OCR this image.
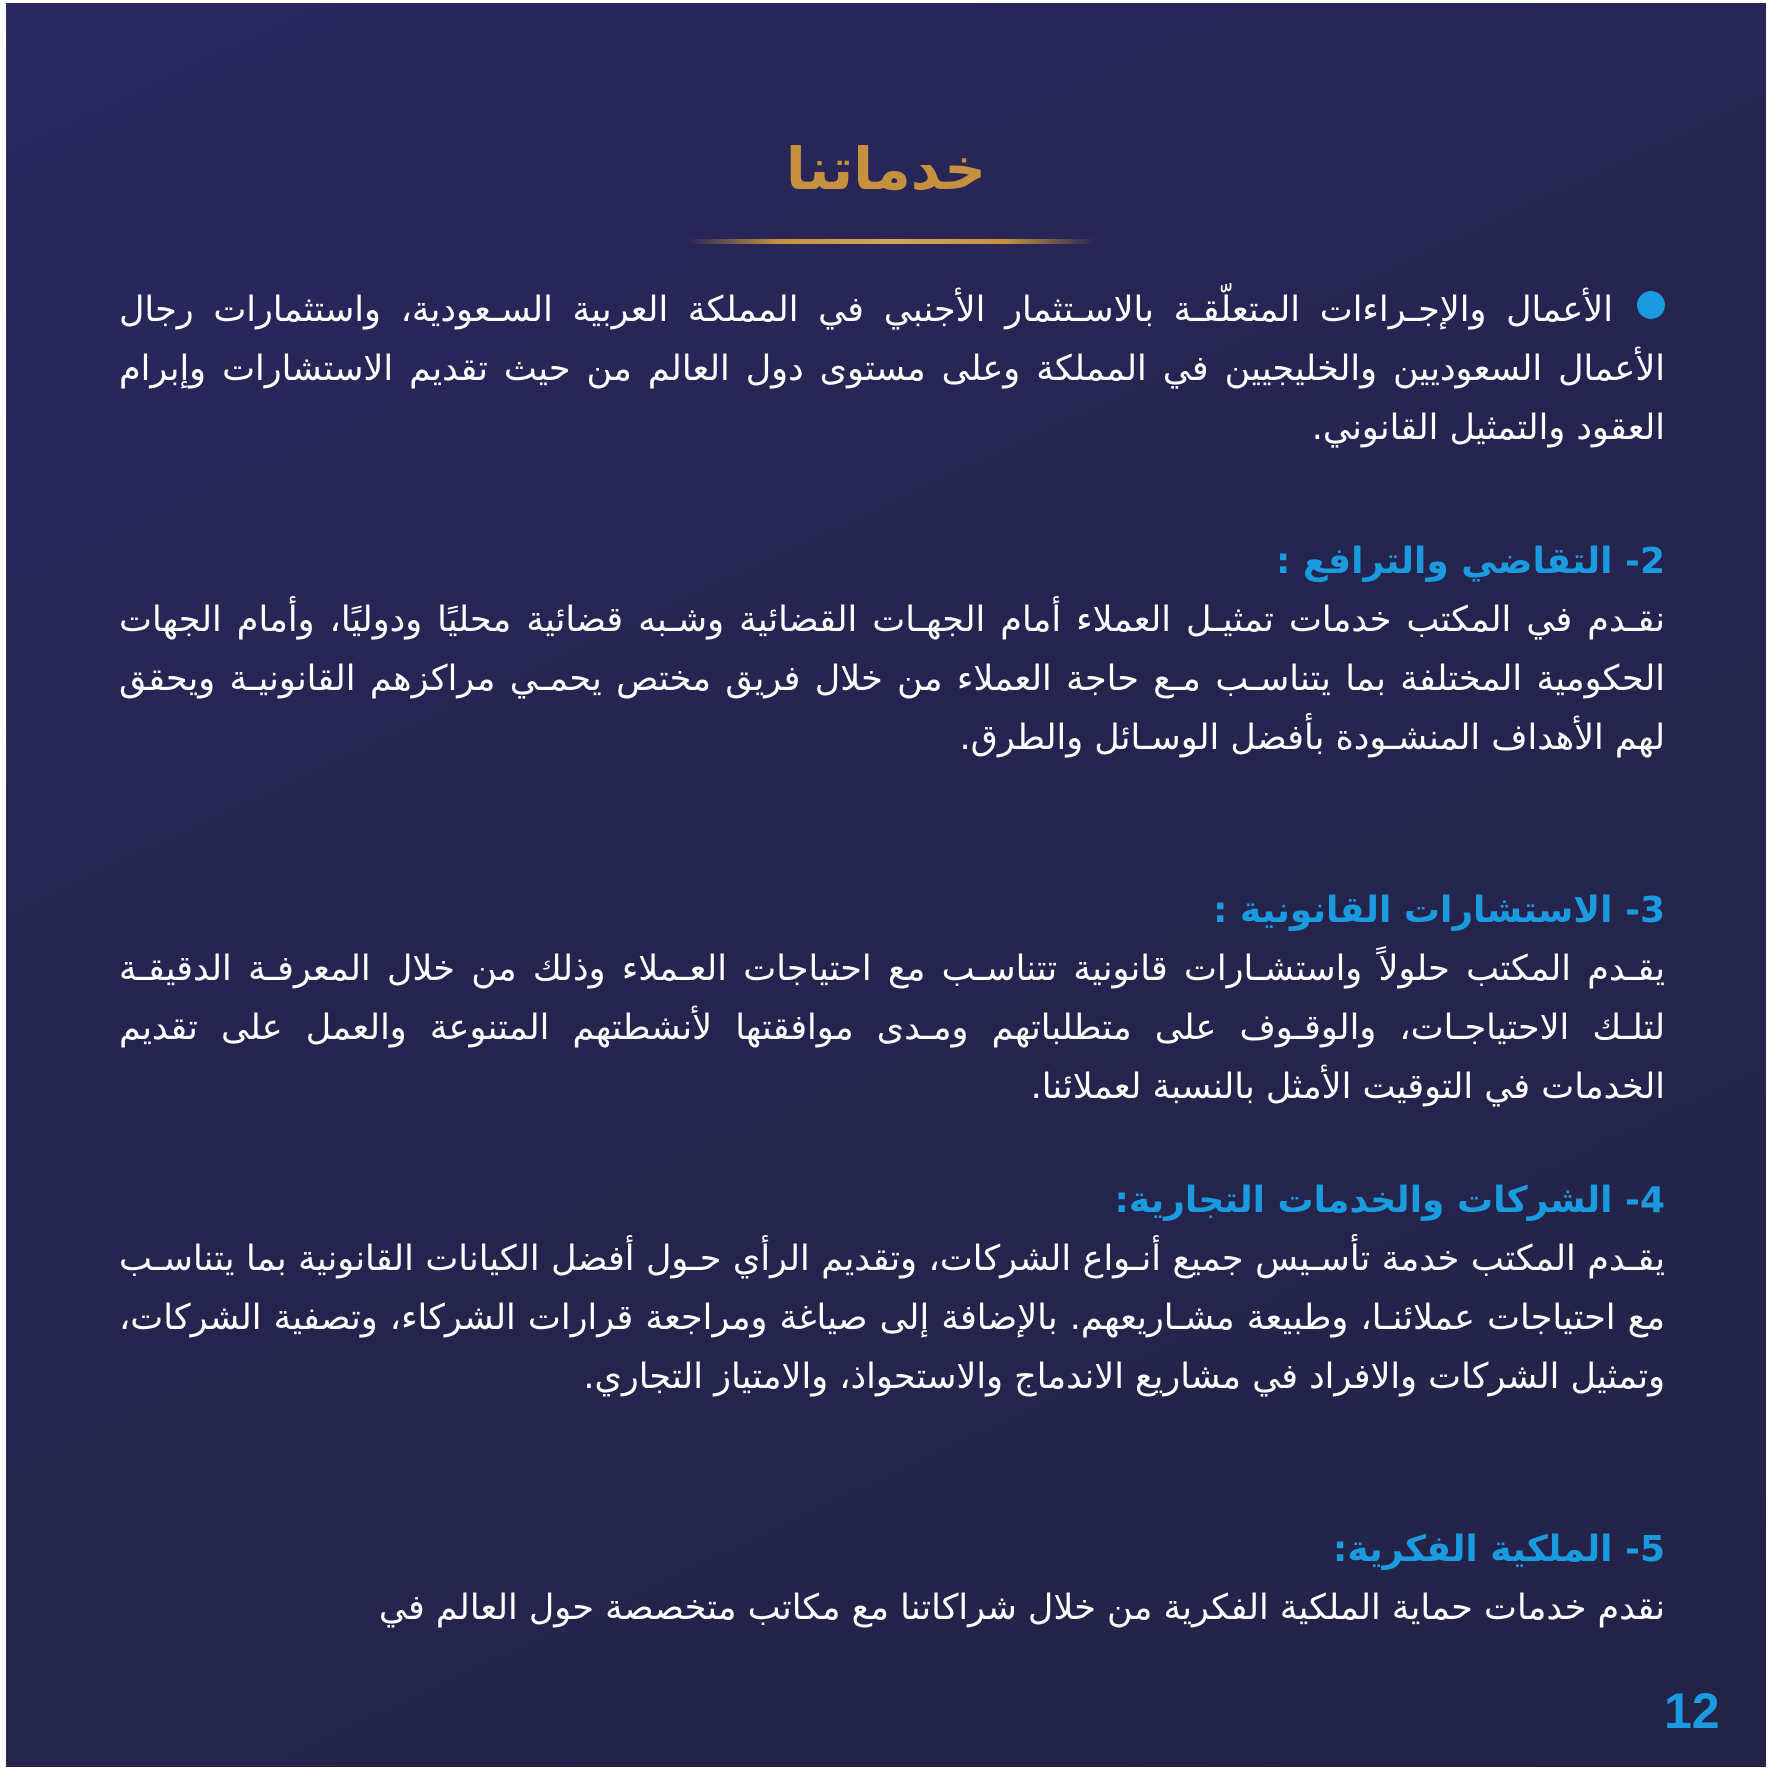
خدماتنا

الأعمال والإجـراءات المتعلّقـة بالاسـتثمار الأجنبي في المملكة العربية السـعودية، واستثمارات رجال الأعمال السعوديين والخليجيين في المملكة وعلى مستوى دول العالم من حيث تقديم الاستشارات وإبرام العقود والتمثيل القانوني.

2- التقاضي والترافع :

نقـدم في المكتب خدمات تمثيـل العملاء أمام الجهـات القضائية وشـبه قضائية محليًا ودوليًا، وأمام الجهات الحكومية المختلفة بما يتناسـب مـع حاجة العملاء من خلال فريق مختص يحمـي مراكزهم القانونيـة ويحقق لهم الأهداف المنشـودة بأفضل الوسـائل والطرق.

3- الاستشارات القانونية :

يقـدم المكتب حلولاً واستشـارات قانونية تتناسـب مع احتياجات العـملاء وذلك من خلال المعرفـة الدقيقـة لتلـك الاحتياجـات، والوقـوف على متطلباتهم ومـدى موافقتها لأنشطتهم المتنوعة والعمل على تقديم الخدمات في التوقيت الأمثل بالنسبة لعملائنا.

4- الشركات والخدمات التجارية:

يقـدم المكتب خدمة تأسـيس جميع أنـواع الشركات، وتقديم الرأي حـول أفضل الكيانات القانونية بما يتناسـب مع احتياجات عملائنـا، وطبيعة مشـاريعهم. بالإضافة إلى صياغة ومراجعة قرارات الشركاء، وتصفية الشركات، وتمثيل الشركات والافراد في مشاريع الاندماج والاستحواذ، والامتياز التجاري.

5- الملكية الفكرية:

نقدم خدمات حماية الملكية الفكرية من خلال شراكاتنا مع مكاتب متخصصة حول العالم في

12
